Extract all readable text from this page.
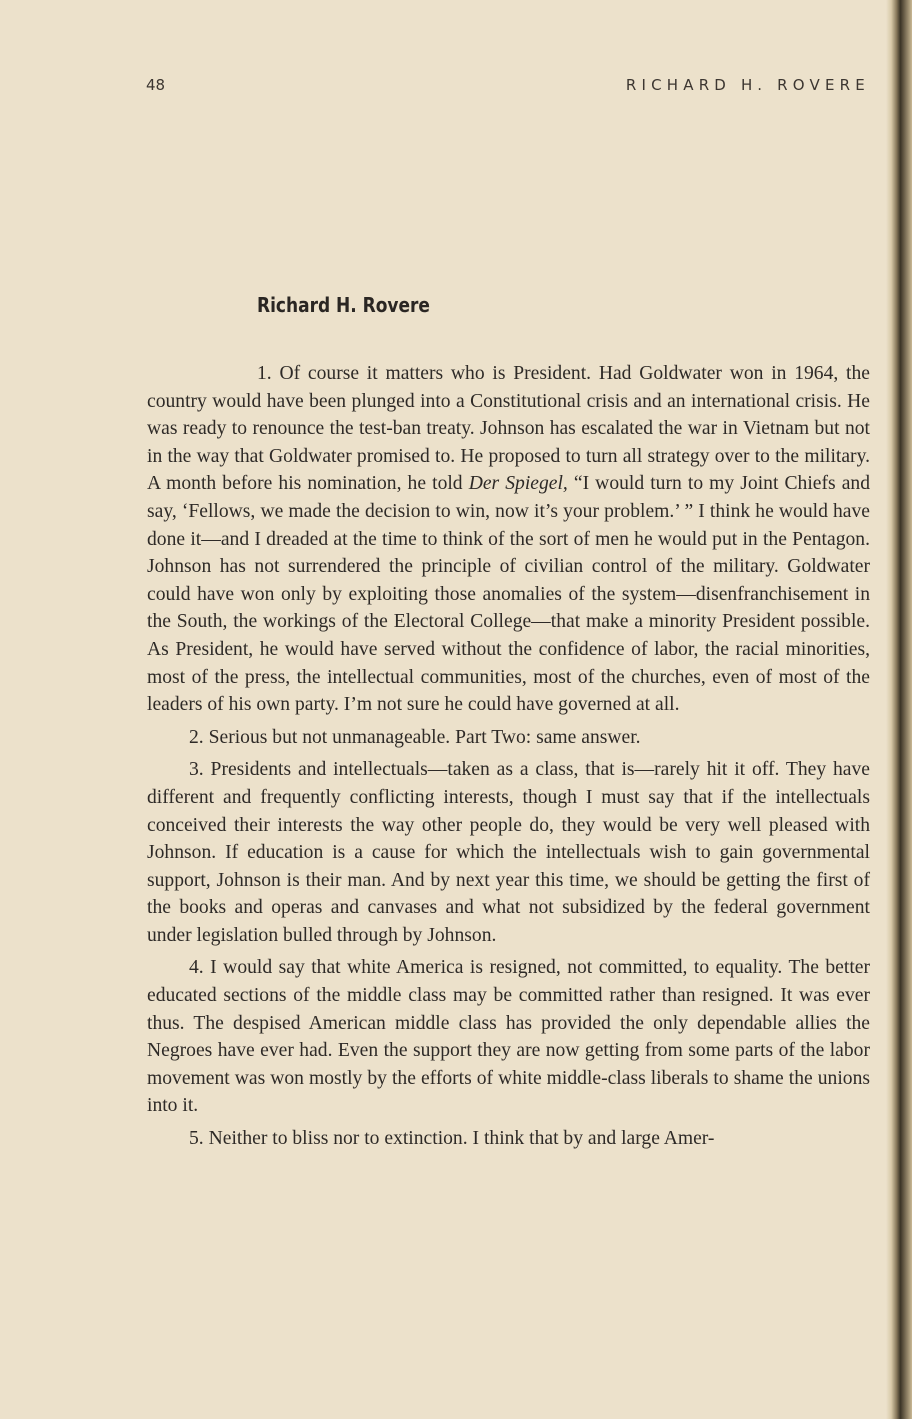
48	RICHARD H. ROVERE
Richard H. Rovere

1. Of course it matters who is President. Had Goldwater won in 1964, the country would have been plunged into a Constitutional crisis and an international crisis. He was ready to renounce the test-ban treaty. Johnson has escalated the war in Vietnam but not in the way that Goldwater promised to. He proposed to turn all strategy over to the military. A month before his nomination, he told Der Spiegel, “I would turn to my Joint Chiefs and say, ‘Fellows, we made the decision to win, now it’s your problem.’ ” I think he would have done it—and I dreaded at the time to think of the sort of men he would put in the Pentagon. Johnson has not surrendered the principle of civilian control of the military. Goldwater could have won only by exploiting those anomalies of the system—disenfranchisement in the South, the workings of the Electoral College—that make a minority President possible. As President, he would have served without the confidence of labor, the racial minorities, most of the press, the intellectual communities, most of the churches, even of most of the leaders of his own party. I’m not sure he could have governed at all.

2. Serious but not unmanageable. Part Two: same answer.

3. Presidents and intellectuals—taken as a class, that is—rarely hit it off. They have different and frequently conflicting interests, though I must say that if the intellectuals conceived their interests the way other people do, they would be very well pleased with Johnson. If education is a cause for which the intellectuals wish to gain governmental support, Johnson is their man. And by next year this time, we should be getting the first of the books and operas and canvases and what not subsidized by the federal government under legislation bulled through by Johnson.

4. I would say that white America is resigned, not committed, to equality. The better educated sections of the middle class may be committed rather than resigned. It was ever thus. The despised American middle class has provided the only dependable allies the Negroes have ever had. Even the support they are now getting from some parts of the labor movement was won mostly by the efforts of white middle-class liberals to shame the unions into it.

5. Neither to bliss nor to extinction. I think that by and large Amer-
